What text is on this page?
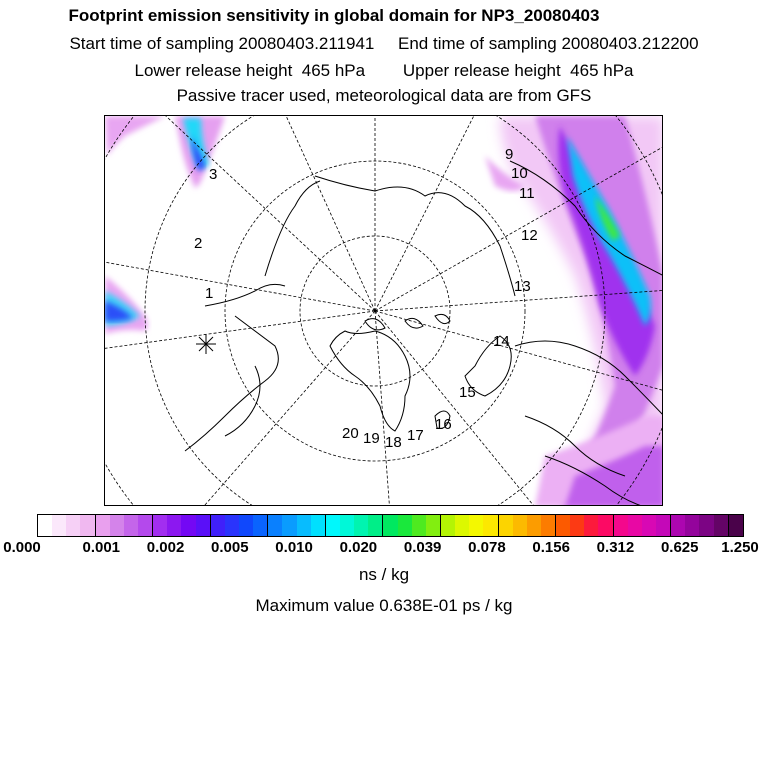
Footprint emission sensitivity in global domain for NP3_20080403
Start time of sampling 20080403.211941     End time of sampling 20080403.212200
Lower release height  465 hPa        Upper release height  465 hPa
Passive tracer used, meteorological data are from GFS
1
2
3
9
10
11
12
13
14
15
16
17
18
19
20
0.000	0.001 0.002 0.005 0.010 0.020 0.039 0.078 0.156 0.312 0.625 1.250
ns / kg
Maximum value 0.638E-01 ps / kg
